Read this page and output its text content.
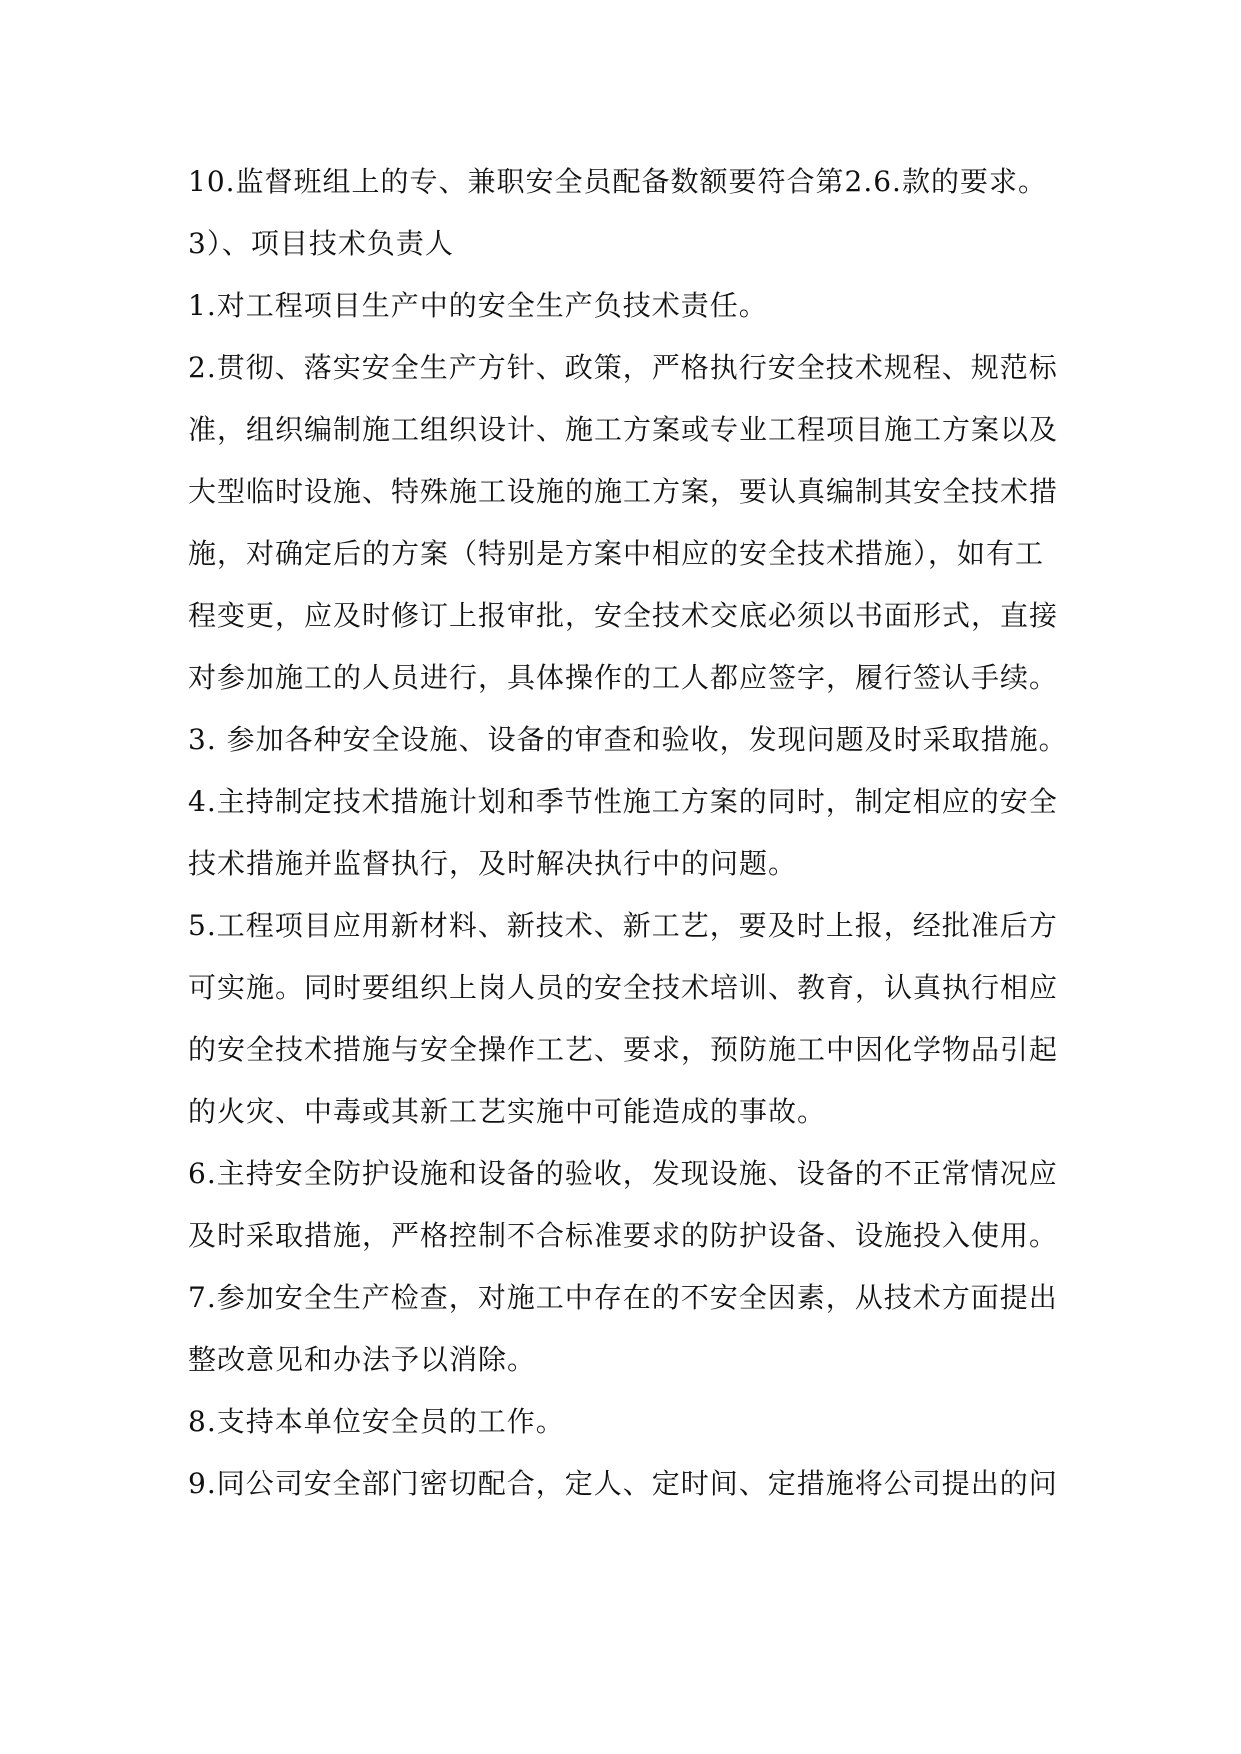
10.监督班组上的专、兼职安全员配备数额要符合第2.6.款的要求。
3）、项目技术负责人
1.对工程项目生产中的安全生产负技术责任。
2.贯彻、落实安全生产方针、政策，严格执行安全技术规程、规范标
准，组织编制施工组织设计、施工方案或专业工程项目施工方案以及
大型临时设施、特殊施工设施的施工方案，要认真编制其安全技术措
施，对确定后的方案（特别是方案中相应的安全技术措施），如有工
程变更，应及时修订上报审批，安全技术交底必须以书面形式，直接
对参加施工的人员进行，具体操作的工人都应签字，履行签认手续。
3. 参加各种安全设施、设备的审查和验收，发现问题及时采取措施。
4.主持制定技术措施计划和季节性施工方案的同时，制定相应的安全
技术措施并监督执行，及时解决执行中的问题。
5.工程项目应用新材料、新技术、新工艺，要及时上报，经批准后方
可实施。同时要组织上岗人员的安全技术培训、教育，认真执行相应
的安全技术措施与安全操作工艺、要求，预防施工中因化学物品引起
的火灾、中毒或其新工艺实施中可能造成的事故。
6.主持安全防护设施和设备的验收，发现设施、设备的不正常情况应
及时采取措施，严格控制不合标准要求的防护设备、设施投入使用。
7.参加安全生产检查，对施工中存在的不安全因素，从技术方面提出
整改意见和办法予以消除。
8.支持本单位安全员的工作。
9.同公司安全部门密切配合，定人、定时间、定措施将公司提出的问
